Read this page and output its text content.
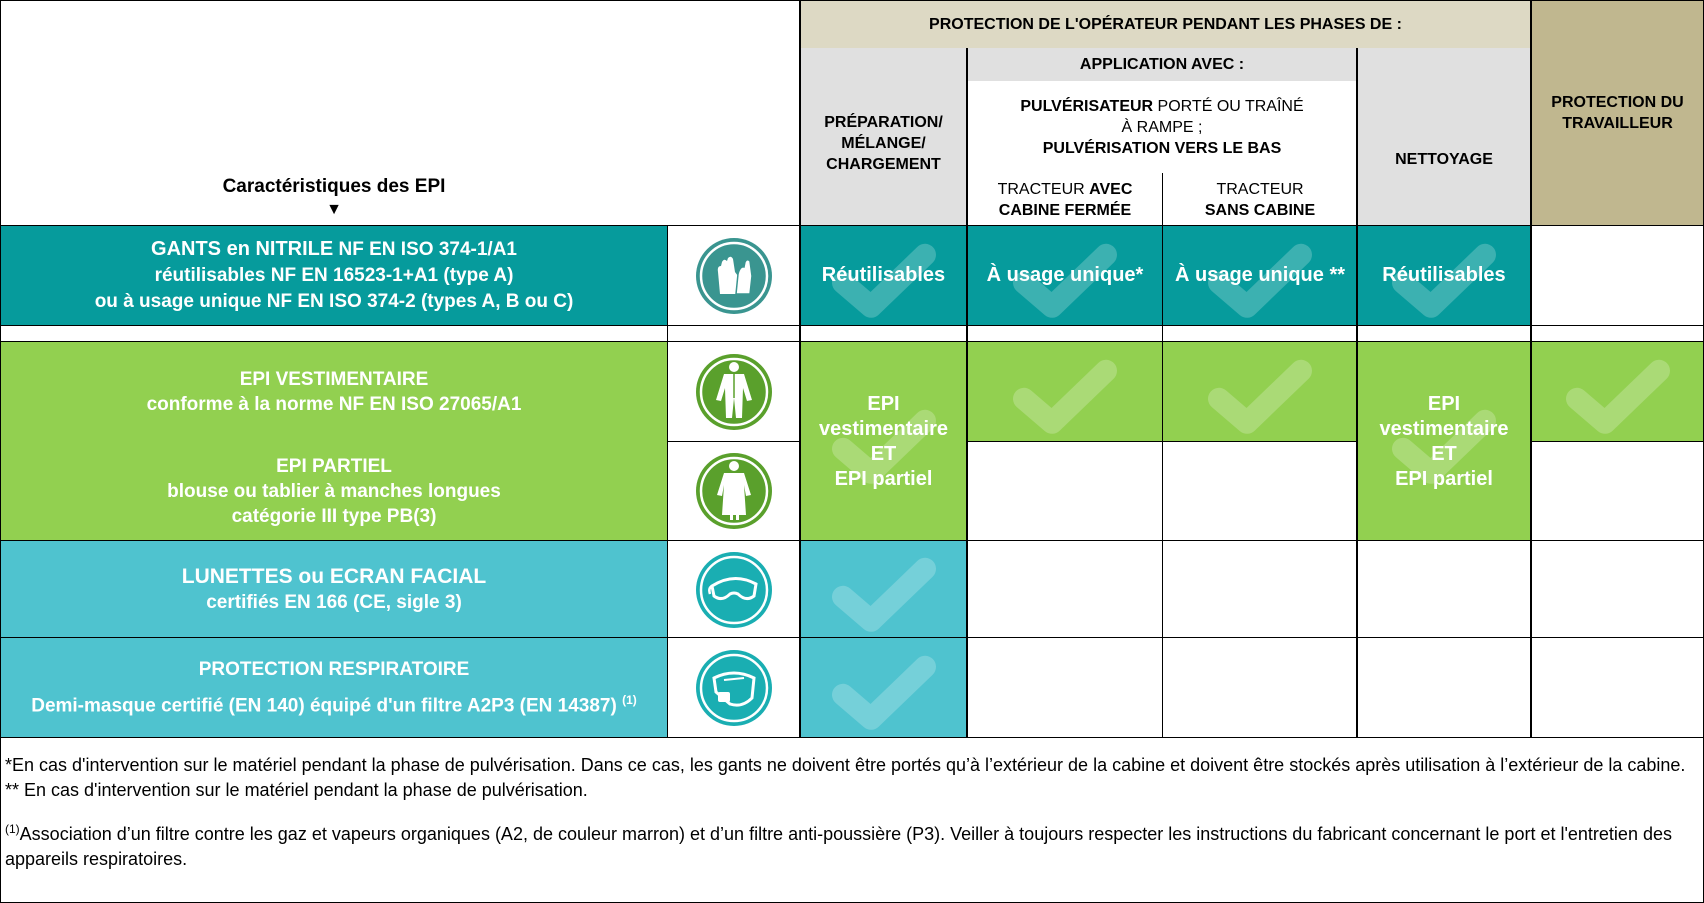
PROTECTION DE L'OPÉRATEUR PENDANT LES PHASES DE :
PROTECTION DU
TRAVAILLEUR
PRÉPARATION/
MÉLANGE/
CHARGEMENT
APPLICATION AVEC :
PULVÉRISATEUR PORTÉ OU TRAÎNÉ
À RAMPE ;
PULVÉRISATION VERS LE BAS
TRACTEUR AVEC
CABINE FERMÉE
TRACTEUR
SANS CABINE
NETTOYAGE
Caractéristiques des EPI
▼
GANTS en NITRILE NF EN ISO 374-1/A1
réutilisables NF EN 16523-1+A1 (type A)
ou à usage unique NF EN ISO 374-2 (types A, B ou C)
EPI VESTIMENTAIRE
conforme à la norme NF EN ISO 27065/A1
EPI PARTIEL
blouse ou tablier à manches longues
catégorie III type PB(3)
LUNETTES ou ECRAN FACIAL
certifiés EN 166 (CE, sigle 3)
PROTECTION RESPIRATOIRE
Demi-masque certifié (EN 140) équipé d'un filtre A2P3 (EN 14387) $^{(1)}$
Réutilisables À usage unique* À usage unique ** Réutilisables
EPI
vestimentaire
ET
EPI partiel
EPI
vestimentaire
ET
EPI partiel
*En cas d'intervention sur le matériel pendant la phase de pulvérisation. Dans ce cas, les gants ne doivent être portés qu’à l’extérieur de la cabine et doivent être stockés après utilisation à l’extérieur de la cabine.
** En cas d'intervention sur le matériel pendant la phase de pulvérisation.
$^{(1)}$Association d’un filtre contre les gaz et vapeurs organiques (A2, de couleur marron) et d’un filtre anti-poussière (P3). Veiller à toujours respecter les instructions du fabricant concernant le port et l'entretien des appareils respiratoires.
